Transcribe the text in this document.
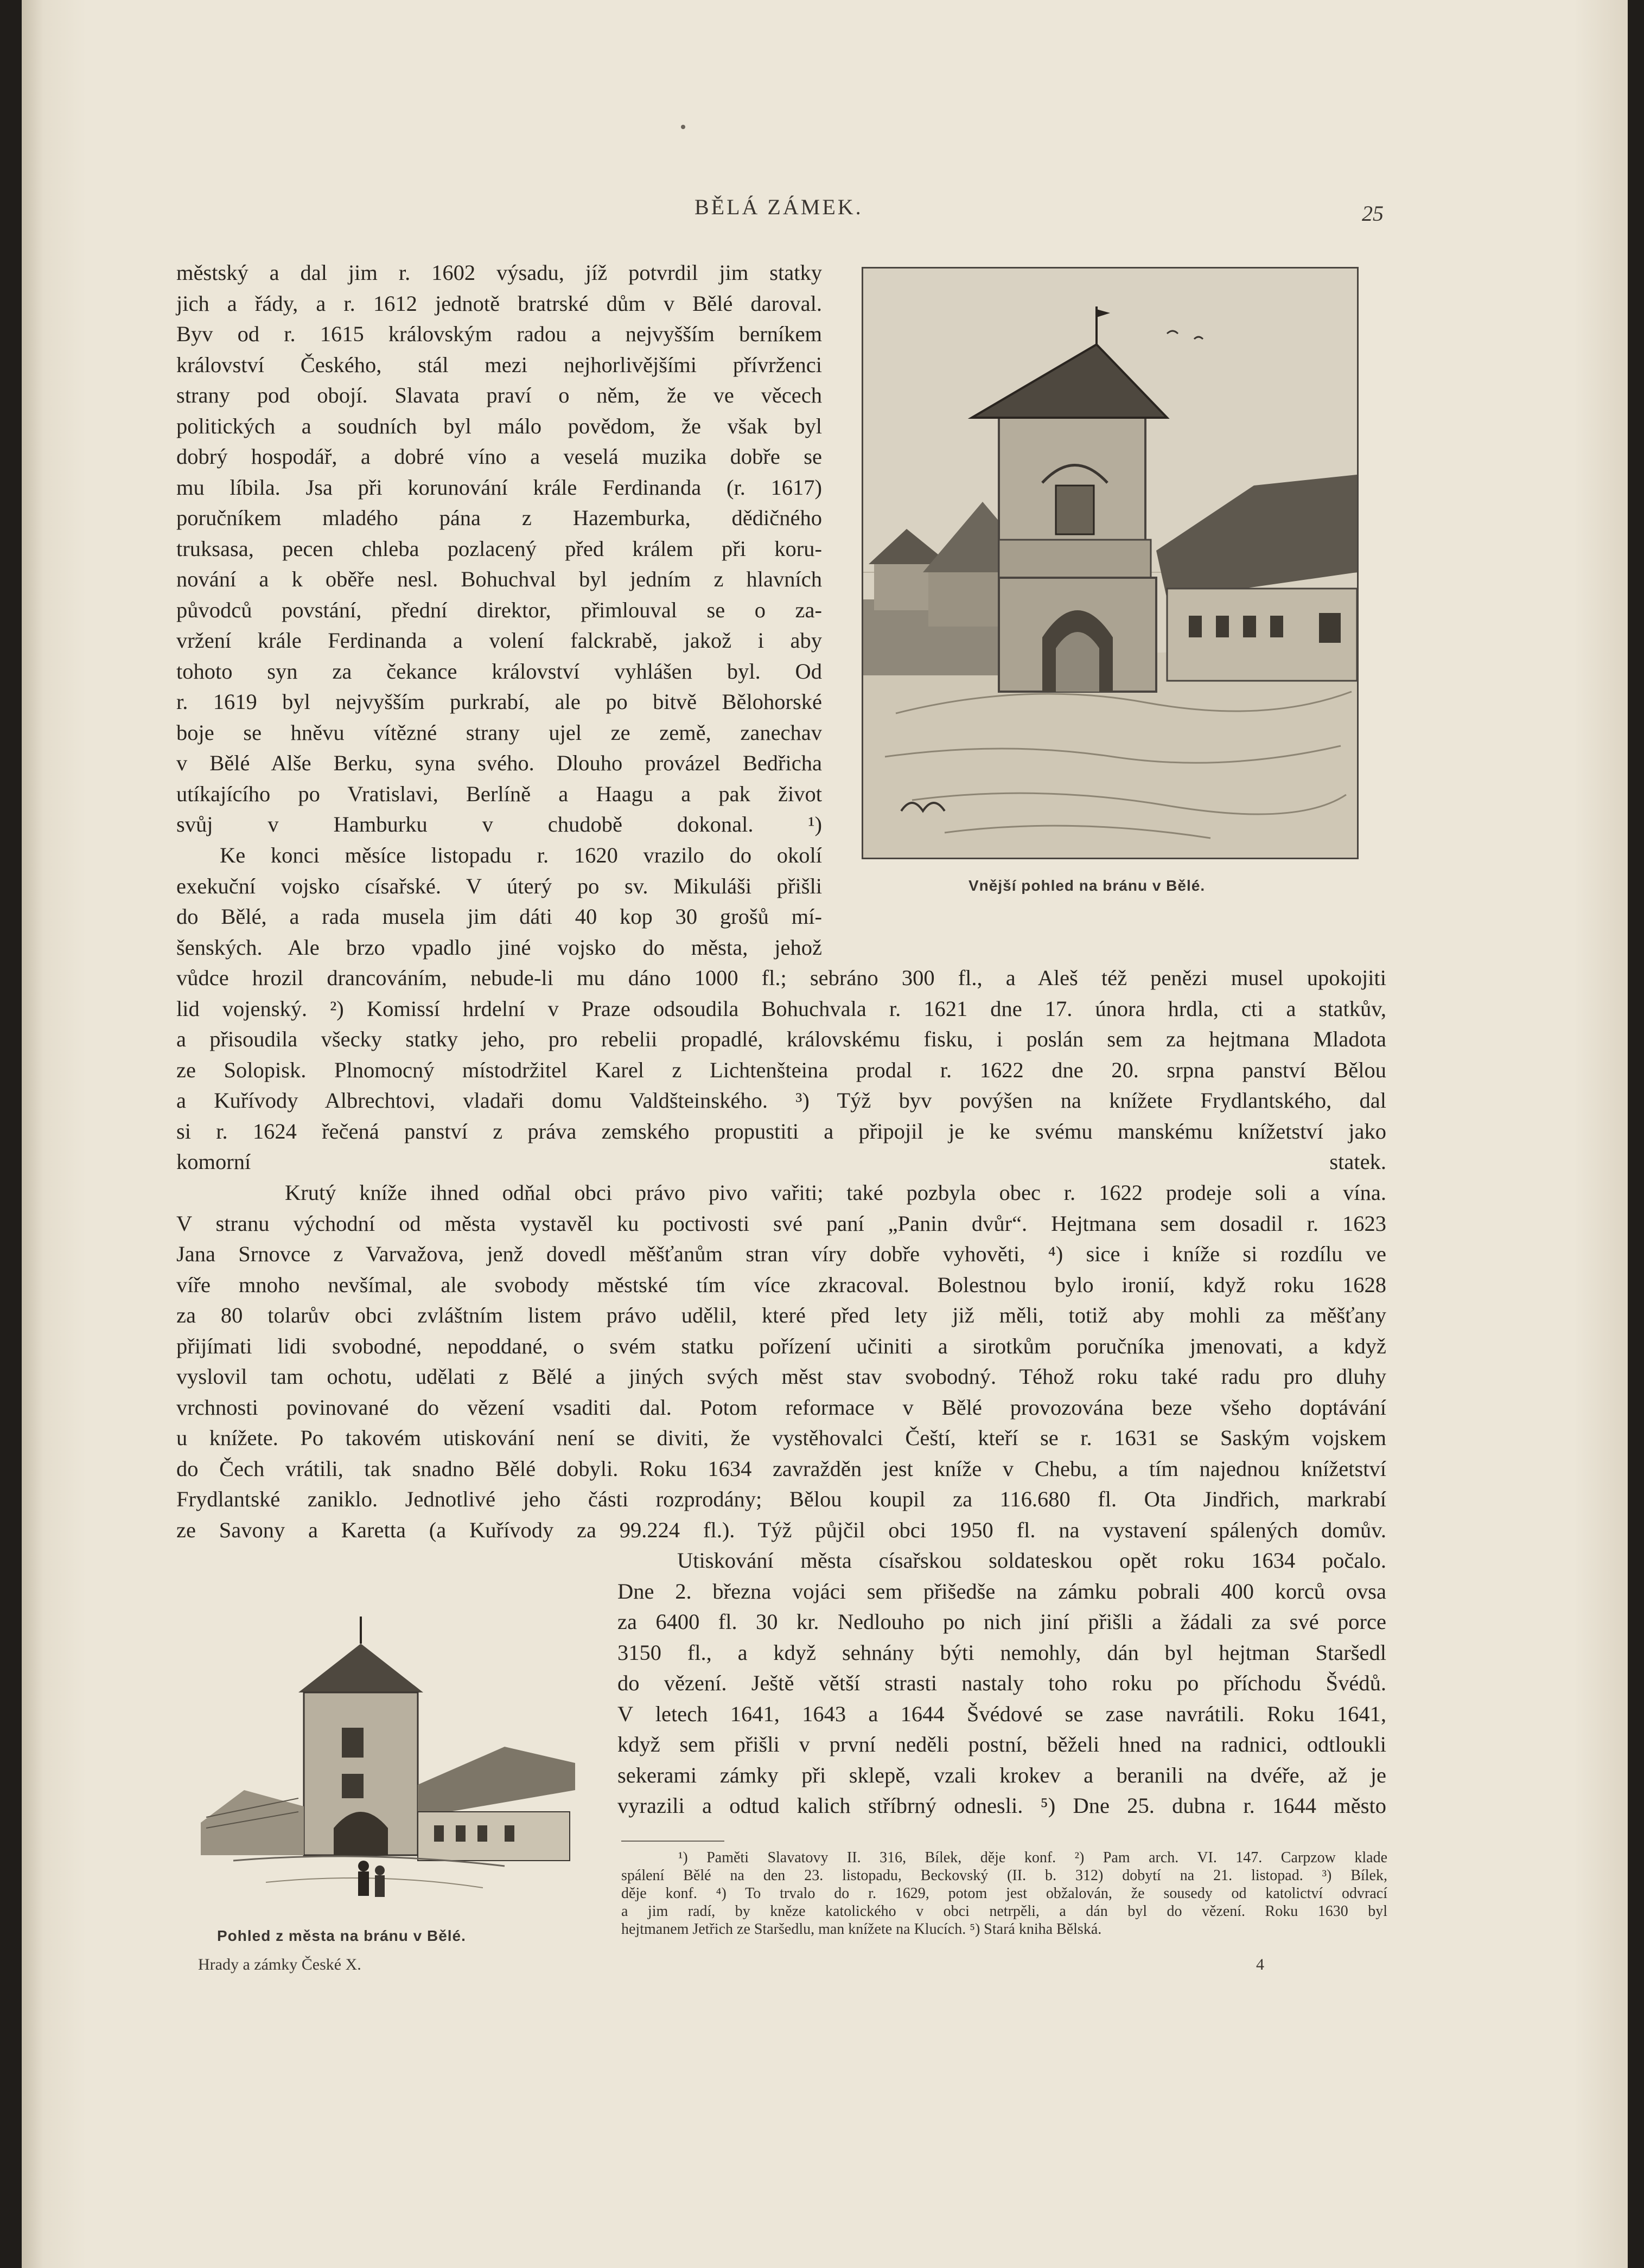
BĚLÁ ZÁMEK.	25
městský a dal jim r. 1602 výsadu, jíž potvrdil jim statky
jich a řády, a r. 1612 jednotě bratrské dům v Bělé daroval.
Byv od r. 1615 královským radou a nejvyšším berníkem
království Českého, stál mezi nejhorlivějšími přívrženci
strany pod obojí. Slavata praví o něm, že ve věcech
politických a soudních byl málo povědom, že však byl
dobrý hospodář, a dobré víno a veselá muzika dobře se
mu líbila. Jsa při korunování krále Ferdinanda (r. 1617)
poručníkem mladého pána z Hazemburka, dědičného
truksasa, pecen chleba pozlacený před králem při koru-
nování a k oběře nesl. Bohuchval byl jedním z hlavních
původců povstání, přední direktor, přimlouval se o za-
vržení krále Ferdinanda a volení falckrabě, jakož i aby
tohoto syn za čekance království vyhlášen byl. Od
r. 1619 byl nejvyšším purkrabí, ale po bitvě Bělohorské
boje se hněvu vítězné strany ujel ze země, zanechav
v Bělé Alše Berku, syna svého. Dlouho provázel Bedřicha
utíkajícího po Vratislavi, Berlíně a Haagu a pak život
svůj v Hamburku v chudobě dokonal. ¹)
Ke konci měsíce listopadu r. 1620 vrazilo do okolí
exekuční vojsko císařské. V úterý po sv. Mikuláši přišli
do Bělé, a rada musela jim dáti 40 kop 30 grošů mí-
šenských. Ale brzo vpadlo jiné vojsko do města, jehož
Vnější pohled na bránu v Bělé.
vůdce hrozil drancováním, nebude-li mu dáno 1000 fl.; sebráno 300 fl., a Aleš též penězi musel upokojiti
lid vojenský. ²) Komissí hrdelní v Praze odsoudila Bohuchvala r. 1621 dne 17. února hrdla, cti a statkův,
a přisoudila všecky statky jeho, pro rebelii propadlé, královskému fisku, i poslán sem za hejtmana Mladota
ze Solopisk. Plnomocný místodržitel Karel z Lichtenšteina prodal r. 1622 dne 20. srpna panství Bělou
a Kuřívody Albrechtovi, vladaři domu Valdšteinského. ³) Týž byv povýšen na knížete Frydlantského, dal
si r. 1624 řečená panství z práva zemského propustiti a připojil je ke svému manskému knížetství jako
komorní statek.
Krutý kníže ihned odňal obci právo pivo vařiti; také pozbyla obec r. 1622 prodeje soli a vína.
V stranu východní od města vystavěl ku poctivosti své paní „Panin dvůr“. Hejtmana sem dosadil r. 1623
Jana Srnovce z Varvažova, jenž dovedl měšťanům stran víry dobře vyhověti, ⁴) sice i kníže si rozdílu ve
víře mnoho nevšímal, ale svobody městské tím více zkracoval. Bolestnou bylo ironií, když roku 1628
za 80 tolarův obci zvláštním listem právo udělil, které před lety již měli, totiž aby mohli za měšťany
přijímati lidi svobodné, nepoddané, o svém statku pořízení učiniti a sirotkům poručníka jmenovati, a když
vyslovil tam ochotu, udělati z Bělé a jiných svých měst stav svobodný. Téhož roku také radu pro dluhy
vrchnosti povinované do vězení vsaditi dal. Potom reformace v Bělé provozována beze všeho doptávání
u knížete. Po takovém utiskování není se diviti, že vystěhovalci Čeští, kteří se r. 1631 se Saským vojskem
do Čech vrátili, tak snadno Bělé dobyli. Roku 1634 zavražděn jest kníže v Chebu, a tím najednou knížetství
Frydlantské zaniklo. Jednotlivé jeho části rozprodány; Bělou koupil za 116.680 fl. Ota Jindřich, markrabí
ze Savony a Karetta (a Kuřívody za 99.224 fl.). Týž půjčil obci 1950 fl. na vystavení spálených domův.
Utiskování města císařskou soldateskou opět roku 1634 počalo.
Dne 2. března vojáci sem přišedše na zámku pobrali 400 korců ovsa
za 6400 fl. 30 kr. Nedlouho po nich jiní přišli a žádali za své porce
3150 fl., a když sehnány býti nemohly, dán byl hejtman Staršedl
do vězení. Ještě větší strasti nastaly toho roku po příchodu Švédů.
V letech 1641, 1643 a 1644 Švédové se zase navrátili. Roku 1641,
když sem přišli v první neděli postní, běželi hned na radnici, odtloukli
sekerami zámky při sklepě, vzali krokev a beranili na dvéře, až je
vyrazili a odtud kalich stříbrný odnesli. ⁵) Dne 25. dubna r. 1644 město
Pohled z města na bránu v Bělé.
Hrady a zámky České X.
¹) Paměti Slavatovy II. 316, Bílek, děje konf. ²) Pam arch. VI. 147. Carpzow klade
spálení Bělé na den 23. listopadu, Beckovský (II. b. 312) dobytí na 21. listopad. ³) Bílek,
děje konf. ⁴) To trvalo do r. 1629, potom jest obžalován, že sousedy od katolictví odvrací
a jim radí, by kněze katolického v obci netrpěli, a dán byl do vězení. Roku 1630 byl
hejtmanem Jetřich ze Staršedlu, man knížete na Klucích. ⁵) Stará kniha Bělská.
4
